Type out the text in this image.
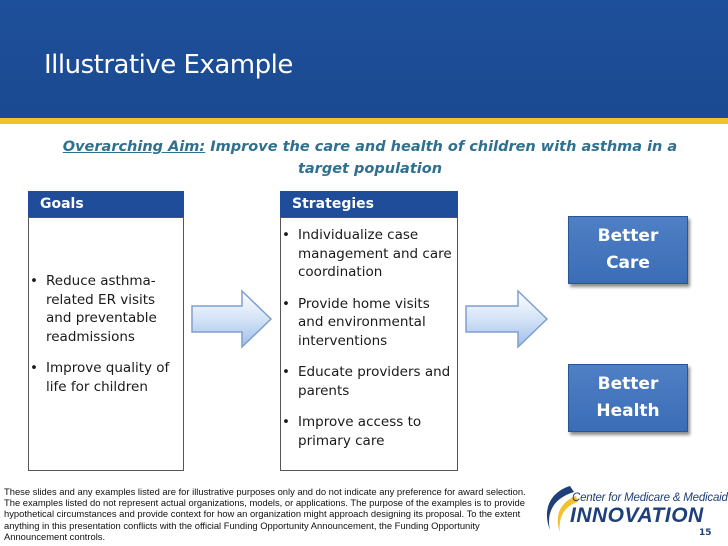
Illustrative Example
Overarching Aim: Improve the care and health of children with asthma in a target population
Goals
• Reduce asthma-related ER visits and preventable readmissions
• Improve quality of life for children
Strategies
• Individualize case management and care coordination
• Provide home visits and environmental interventions
• Educate providers and parents
• Improve access to primary care
Better
Care
Better
Health
These slides and any examples listed are for illustrative purposes only and do not indicate any preference for award selection. The examples listed do not represent actual organizations, models, or applications. The purpose of the examples is to provide hypothetical circumstances and provide context for how an organization might approach designing its proposal. To the extent anything in this presentation conflicts with the official Funding Opportunity Announcement, the Funding Opportunity Announcement controls.
Center for Medicare & Medicaid
INNOVATION
15
